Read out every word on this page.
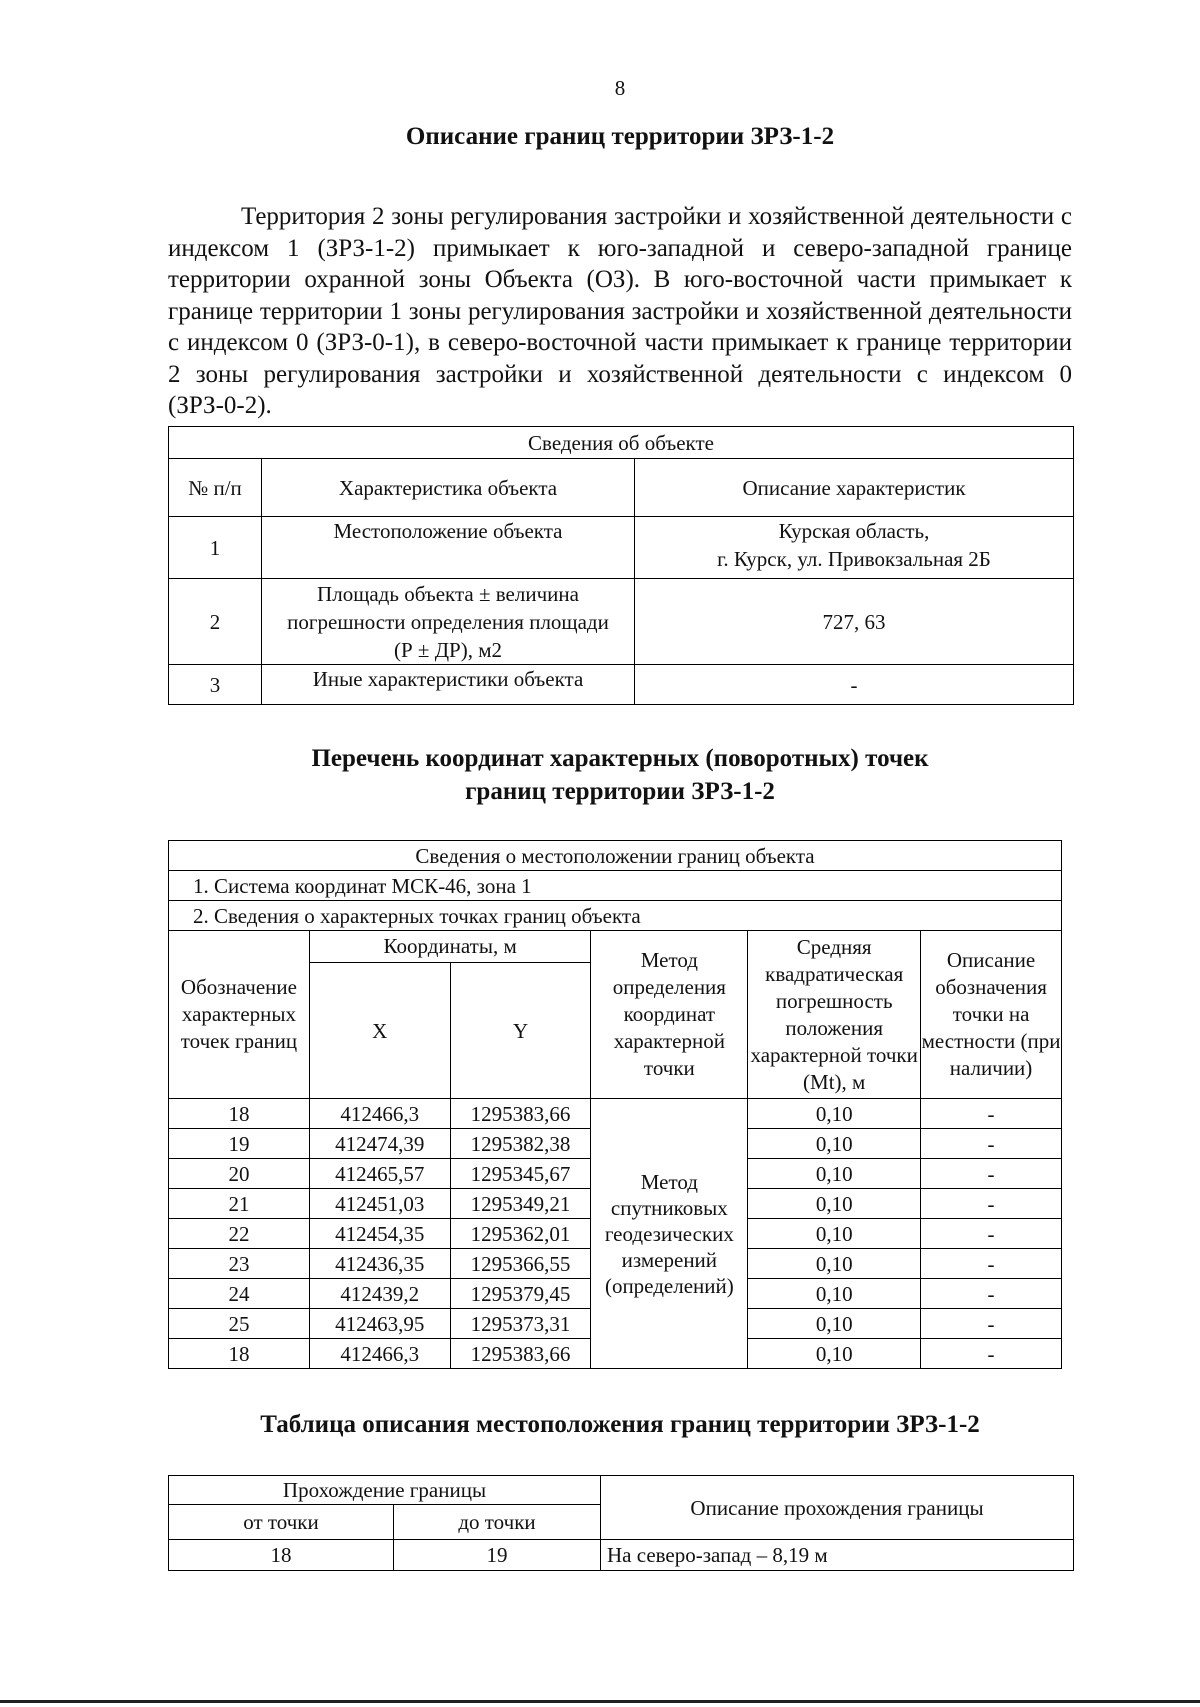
8
Описание границ территории ЗРЗ-1-2

Территория 2 зоны регулирования застройки и хозяйственной деятельности с индексом 1 (ЗРЗ-1-2) примыкает к юго-западной и северо-западной границе территории охранной зоны Объекта (ОЗ). В юго-восточной части примыкает к границе территории 1 зоны регулирования застройки и хозяйственной деятельности с индексом 0 (ЗРЗ-0-1), в северо-восточной части примыкает к границе территории 2 зоны регулирования застройки и хозяйственной деятельности с индексом 0 (ЗРЗ-0-2).

Сведения об объекте		
№ п/п	Характеристика объекта	Описание характеристик
1	Местоположение объекта	Курская область,
г. Курск, ул. Привокзальная 2Б
2	Площадь объекта ± величина погрешности определения площади (Р ± ДР), м2	727, 63
3	Иные характеристики объекта	-
Перечень координат характерных (поворотных) точек
границ территории ЗРЗ-1-2
Сведения о местоположении границ объекта					
1. Система координат МСК-46, зона 1					
2. Сведения о характерных точках границ объекта					
Обозначение характерных точек границ	Координаты, м		Метод определения координат характерной точки	Средняя квадратическая погрешность положения характерной точки (Mt), м	Описание обозначения точки на местности (при наличии)
	X	Y			
18	412466,3	1295383,66	Метод спутниковых геодезических измерений (определений)	0,10	-
19	412474,39	1295382,38		0,10	-
20	412465,57	1295345,67		0,10	-
21	412451,03	1295349,21		0,10	-
22	412454,35	1295362,01		0,10	-
23	412436,35	1295366,55		0,10	-
24	412439,2	1295379,45		0,10	-
25	412463,95	1295373,31		0,10	-
18	412466,3	1295383,66		0,10	-
Таблица описания местоположения границ территории ЗРЗ-1-2
Прохождение границы		Описание прохождения границы
от точки	до точки	
18	19	На северо-запад – 8,19 м
